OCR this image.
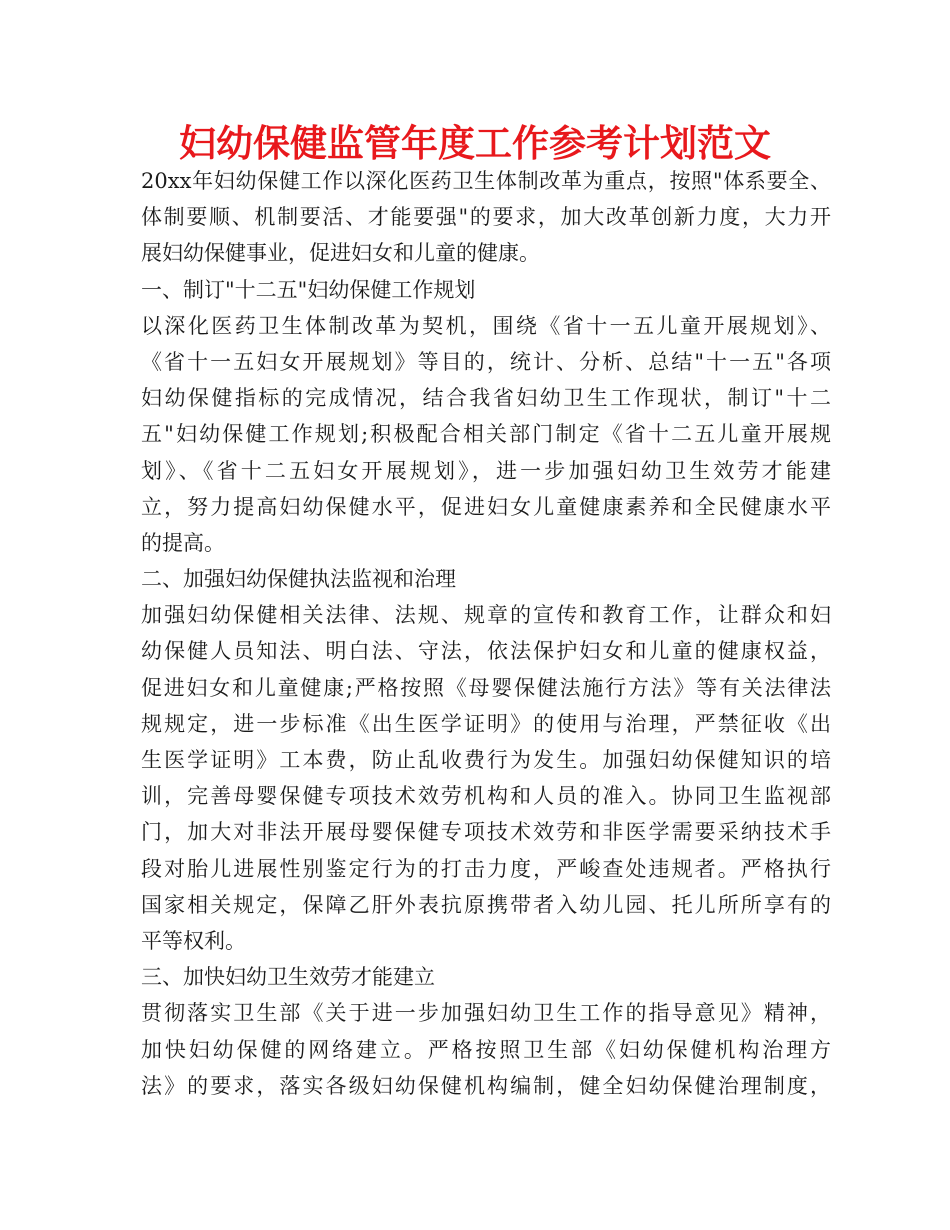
妇幼保健监管年度工作参考计划范文
20xx年妇幼保健工作以深化医药卫生体制改革为重点，按照"体系要全、
体制要顺、机制要活、才能要强"的要求，加大改革创新力度，大力开
展妇幼保健事业，促进妇女和儿童的健康。
一、制订"十二五"妇幼保健工作规划
以深化医药卫生体制改革为契机，围绕《省十一五儿童开展规划》、
《省十一五妇女开展规划》等目的，统计、分析、总结"十一五"各项
妇幼保健指标的完成情况，结合我省妇幼卫生工作现状，制订"十二
五"妇幼保健工作规划;积极配合相关部门制定《省十二五儿童开展规
划》、《省十二五妇女开展规划》，进一步加强妇幼卫生效劳才能建
立，努力提高妇幼保健水平，促进妇女儿童健康素养和全民健康水平
的提高。
二、加强妇幼保健执法监视和治理
加强妇幼保健相关法律、法规、规章的宣传和教育工作，让群众和妇
幼保健人员知法、明白法、守法，依法保护妇女和儿童的健康权益，
促进妇女和儿童健康;严格按照《母婴保健法施行方法》等有关法律法
规规定，进一步标准《出生医学证明》的使用与治理，严禁征收《出
生医学证明》工本费，防止乱收费行为发生。加强妇幼保健知识的培
训，完善母婴保健专项技术效劳机构和人员的准入。协同卫生监视部
门，加大对非法开展母婴保健专项技术效劳和非医学需要采纳技术手
段对胎儿进展性别鉴定行为的打击力度，严峻查处违规者。严格执行
国家相关规定，保障乙肝外表抗原携带者入幼儿园、托儿所所享有的
平等权利。
三、加快妇幼卫生效劳才能建立
贯彻落实卫生部《关于进一步加强妇幼卫生工作的指导意见》精神，
加快妇幼保健的网络建立。严格按照卫生部《妇幼保健机构治理方
法》的要求，落实各级妇幼保健机构编制，健全妇幼保健治理制度，
